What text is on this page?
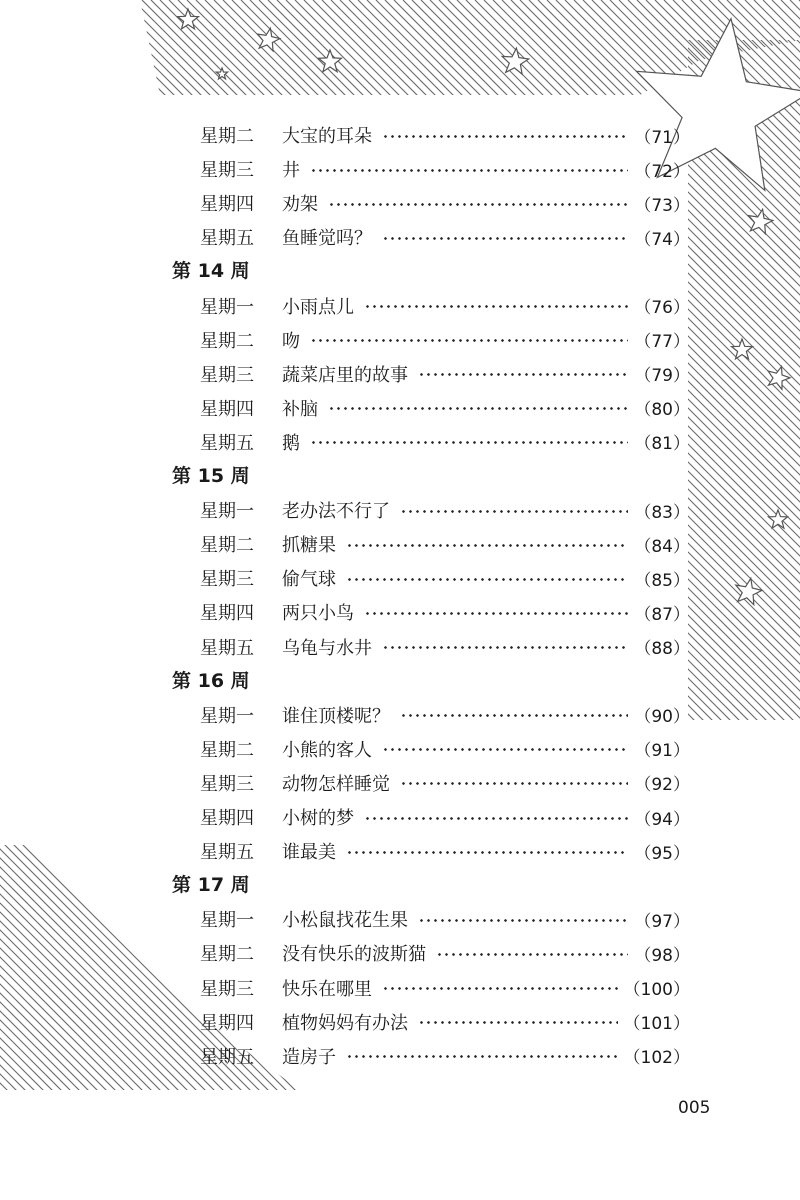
星期二	大宝的耳朵	（71）
星期三	井	（72）
星期四	劝架	（73）
星期五	鱼睡觉吗？	（74）
第 14 周
星期一	小雨点儿	（76）
星期二	吻	（77）
星期三	蔬菜店里的故事	（79）
星期四	补脑	（80）
星期五	鹅	（81）
第 15 周
星期一	老办法不行了	（83）
星期二	抓糖果	（84）
星期三	偷气球	（85）
星期四	两只小鸟	（87）
星期五	乌龟与水井	（88）
第 16 周
星期一	谁住顶楼呢？	（90）
星期二	小熊的客人	（91）
星期三	动物怎样睡觉	（92）
星期四	小树的梦	（94）
星期五	谁最美	（95）
第 17 周
星期一	小松鼠找花生果	（97）
星期二	没有快乐的波斯猫	（98）
星期三	快乐在哪里	（100）
星期四	植物妈妈有办法	（101）
星期五	造房子	（102）
005
